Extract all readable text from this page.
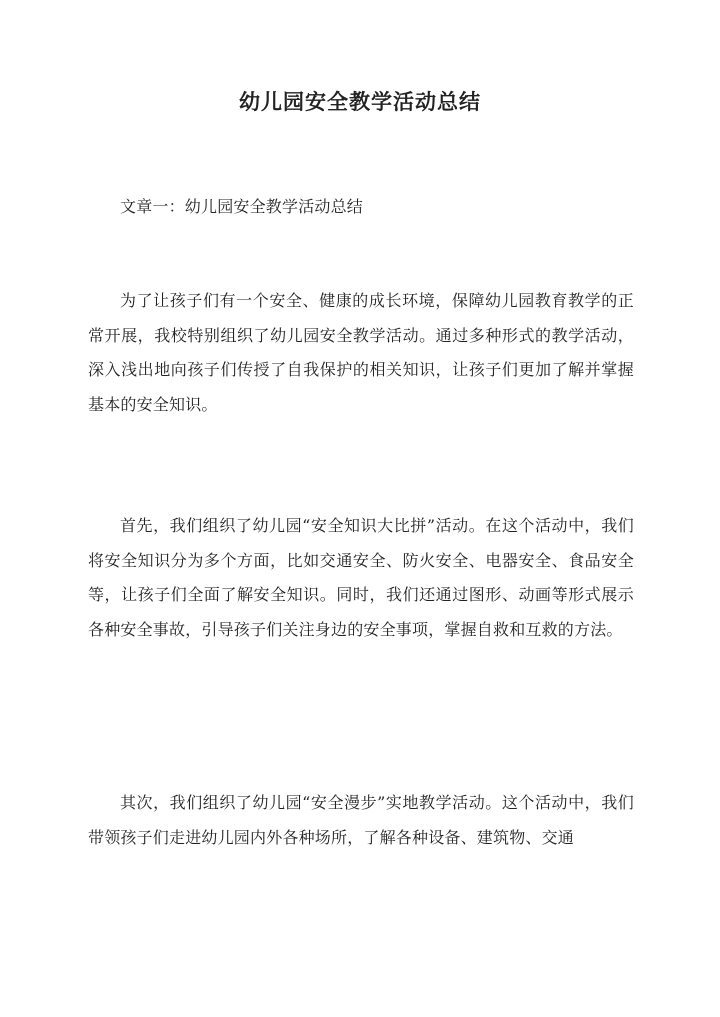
幼儿园安全教学活动总结

文章一：幼儿园安全教学活动总结

为了让孩子们有一个安全、健康的成长环境，保障幼儿园教育教学的正常开展，我校特别组织了幼儿园安全教学活动。通过多种形式的教学活动，深入浅出地向孩子们传授了自我保护的相关知识，让孩子们更加了解并掌握基本的安全知识。

首先，我们组织了幼儿园“安全知识大比拼”活动。在这个活动中，我们将安全知识分为多个方面，比如交通安全、防火安全、电器安全、食品安全等，让孩子们全面了解安全知识。同时，我们还通过图形、动画等形式展示各种安全事故，引导孩子们关注身边的安全事项，掌握自救和互救的方法。

其次，我们组织了幼儿园“安全漫步”实地教学活动。这个活动中，我们带领孩子们走进幼儿园内外各种场所，了解各种设备、建筑物、交通
